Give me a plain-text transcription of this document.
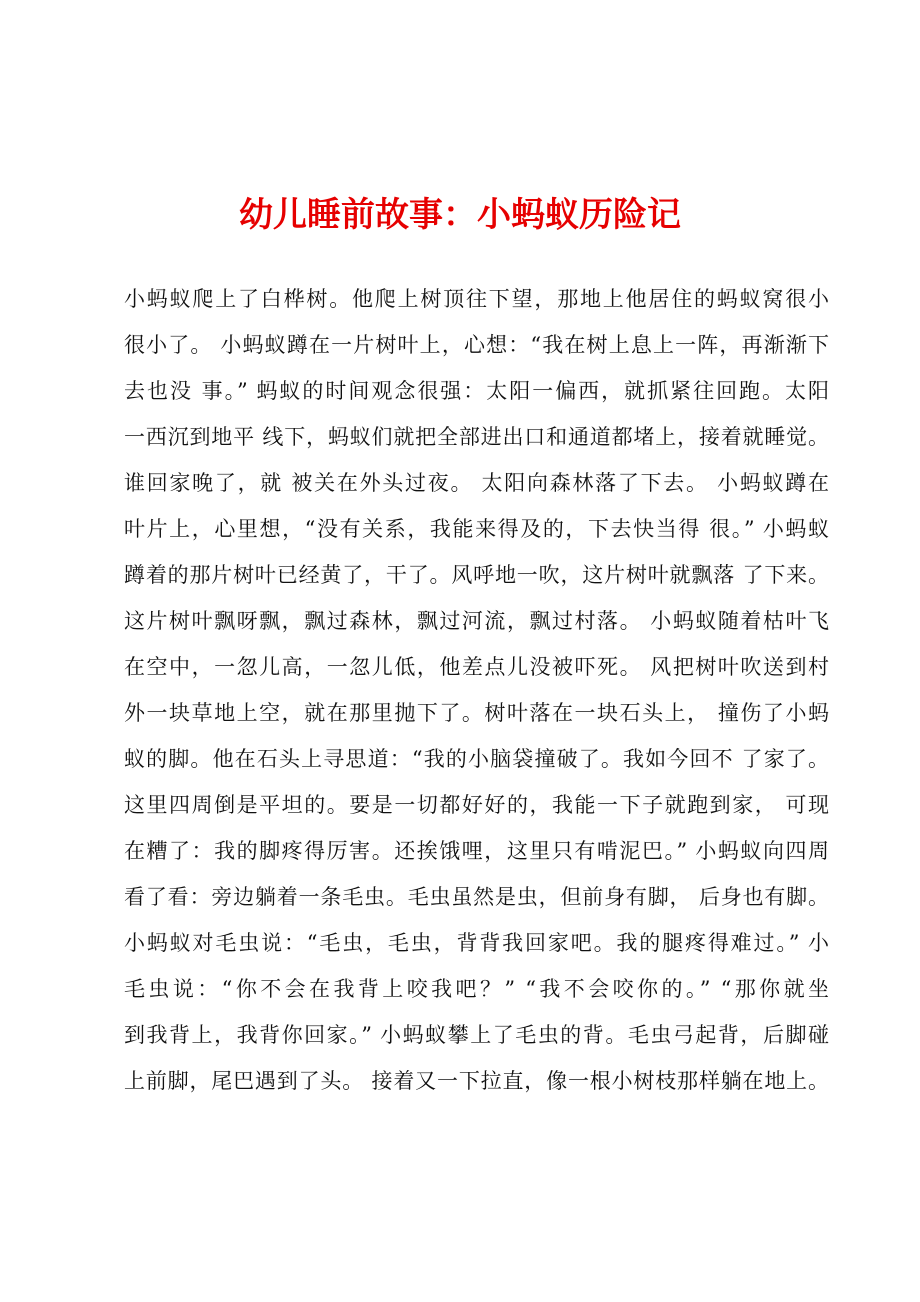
幼儿睡前故事：小蚂蚁历险记
小蚂蚁爬上了白桦树。他爬上树顶往下望，那地上他居住的蚂蚁窝很小
很小了。 小蚂蚁蹲在一片树叶上，心想：“我在树上息上一阵，再渐渐下
去也没 事。” 蚂蚁的时间观念很强：太阳一偏西，就抓紧往回跑。太阳
一西沉到地平 线下，蚂蚁们就把全部进出口和通道都堵上，接着就睡觉。
谁回家晚了，就 被关在外头过夜。 太阳向森林落了下去。 小蚂蚁蹲在
叶片上，心里想，“没有关系，我能来得及的，下去快当得 很。” 小蚂蚁
蹲着的那片树叶已经黄了，干了。风呼地一吹，这片树叶就飘落 了下来。
这片树叶飘呀飘，飘过森林，飘过河流，飘过村落。 小蚂蚁随着枯叶飞
在空中，一忽儿高，一忽儿低，他差点儿没被吓死。 风把树叶吹送到村
外一块草地上空，就在那里抛下了。树叶落在一块石头上， 撞伤了小蚂
蚁的脚。他在石头上寻思道：“我的小脑袋撞破了。我如今回不 了家了。
这里四周倒是平坦的。要是一切都好好的，我能一下子就跑到家， 可现
在糟了：我的脚疼得厉害。还挨饿哩，这里只有啃泥巴。” 小蚂蚁向四周
看了看：旁边躺着一条毛虫。毛虫虽然是虫，但前身有脚， 后身也有脚。
小蚂蚁对毛虫说：“毛虫，毛虫，背背我回家吧。我的腿疼得难过。” 小
毛虫说：“你不会在我背上咬我吧？” “我不会咬你的。” “那你就坐
到我背上，我背你回家。” 小蚂蚁攀上了毛虫的背。毛虫弓起背，后脚碰
上前脚，尾巴遇到了头。 接着又一下拉直，像一根小树枝那样躺在地上。
